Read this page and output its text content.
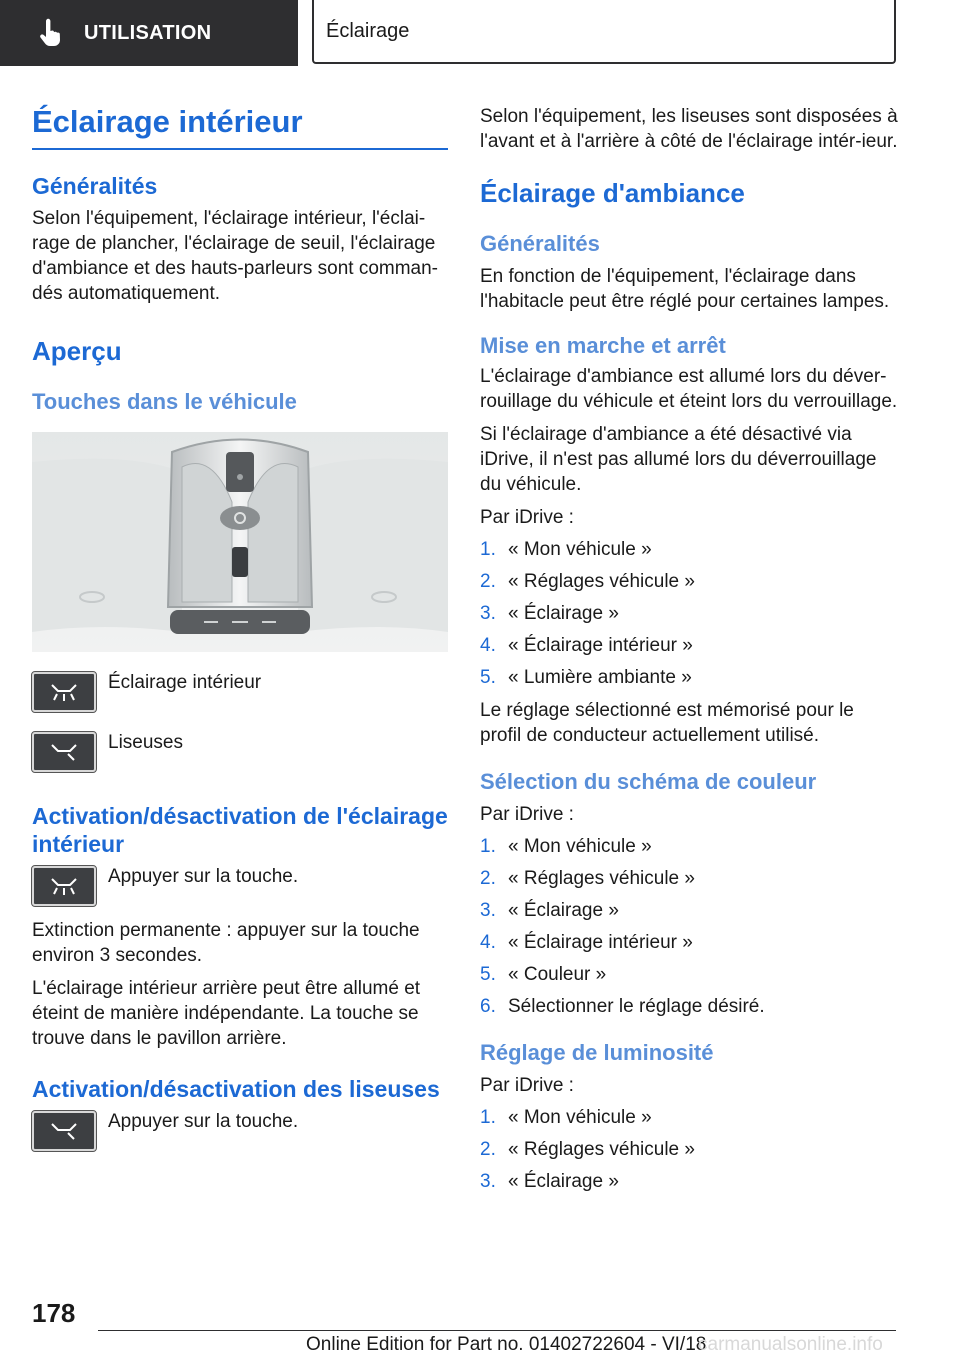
UTILISATION	Éclairage
Éclairage intérieur
Généralités

Selon l'équipement, l'éclairage intérieur, l'éclai-rage de plancher, l'éclairage de seuil, l'éclairage d'ambiance et des hauts-parleurs sont comman-dés automatiquement.

Aperçu
Touches dans le véhicule
Éclairage intérieur
Liseuses
Activation/désactivation de l'éclairage intérieur
Appuyer sur la touche.

Extinction permanente : appuyer sur la touche environ 3 secondes.

L'éclairage intérieur arrière peut être allumé et éteint de manière indépendante. La touche se trouve dans le pavillon arrière.

Activation/désactivation des liseuses
Appuyer sur la touche.

Selon l'équipement, les liseuses sont disposées à l'avant et à l'arrière à côté de l'éclairage intér-ieur.

Éclairage d'ambiance
Généralités

En fonction de l'équipement, l'éclairage dans l'habitacle peut être réglé pour certaines lampes.

Mise en marche et arrêt

L'éclairage d'ambiance est allumé lors du déver-rouillage du véhicule et éteint lors du verrouillage.

Si l'éclairage d'ambiance a été désactivé via iDrive, il n'est pas allumé lors du déverrouillage du véhicule.

Par iDrive :

1. « Mon véhicule »
2. « Réglages véhicule »
3. « Éclairage »
4. « Éclairage intérieur »
5. « Lumière ambiante »

Le réglage sélectionné est mémorisé pour le profil de conducteur actuellement utilisé.

Sélection du schéma de couleur

Par iDrive :

1. « Mon véhicule »
2. « Réglages véhicule »
3. « Éclairage »
4. « Éclairage intérieur »
5. « Couleur »
6. Sélectionner le réglage désiré.
Réglage de luminosité

Par iDrive :

1. « Mon véhicule »
2. « Réglages véhicule »
3. « Éclairage »
178
Online Edition for Part no. 01402722604 - VI/18
carmanualsonline.info
